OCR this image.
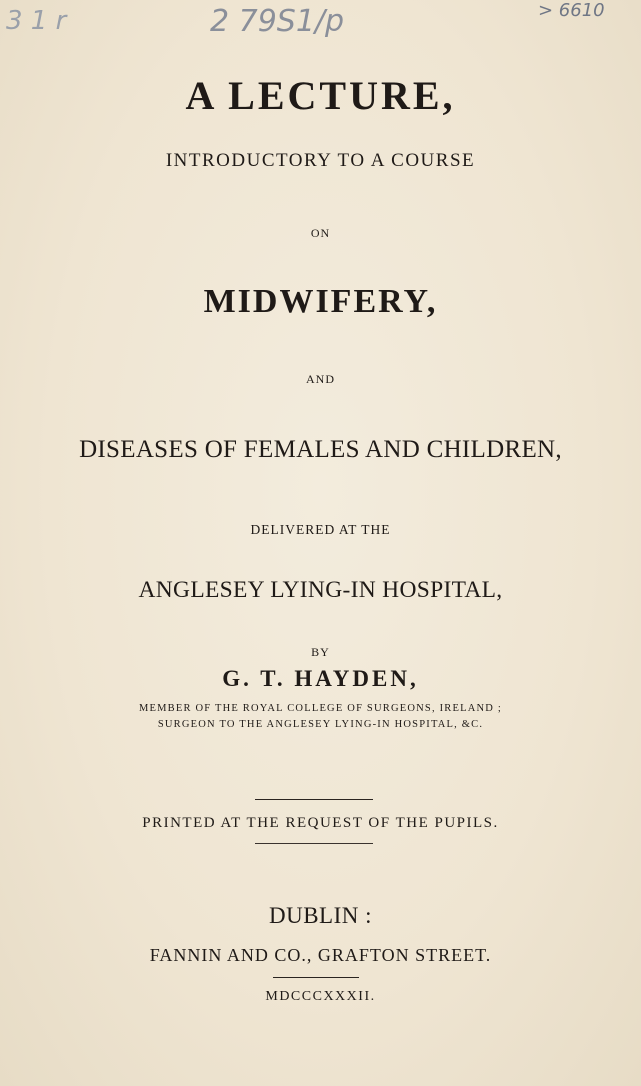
3 1 r	2 79S1/p	> 6610
A LECTURE,
INTRODUCTORY TO A COURSE
ON
MIDWIFERY,
AND
DISEASES OF FEMALES AND CHILDREN,
DELIVERED AT THE
ANGLESEY LYING-IN HOSPITAL,
BY
G. T. HAYDEN,
MEMBER OF THE ROYAL COLLEGE OF SURGEONS, IRELAND ;
SURGEON TO THE ANGLESEY LYING-IN HOSPITAL, &C.
PRINTED AT THE REQUEST OF THE PUPILS.
DUBLIN :
FANNIN AND CO., GRAFTON STREET.
MDCCCXXXII.
